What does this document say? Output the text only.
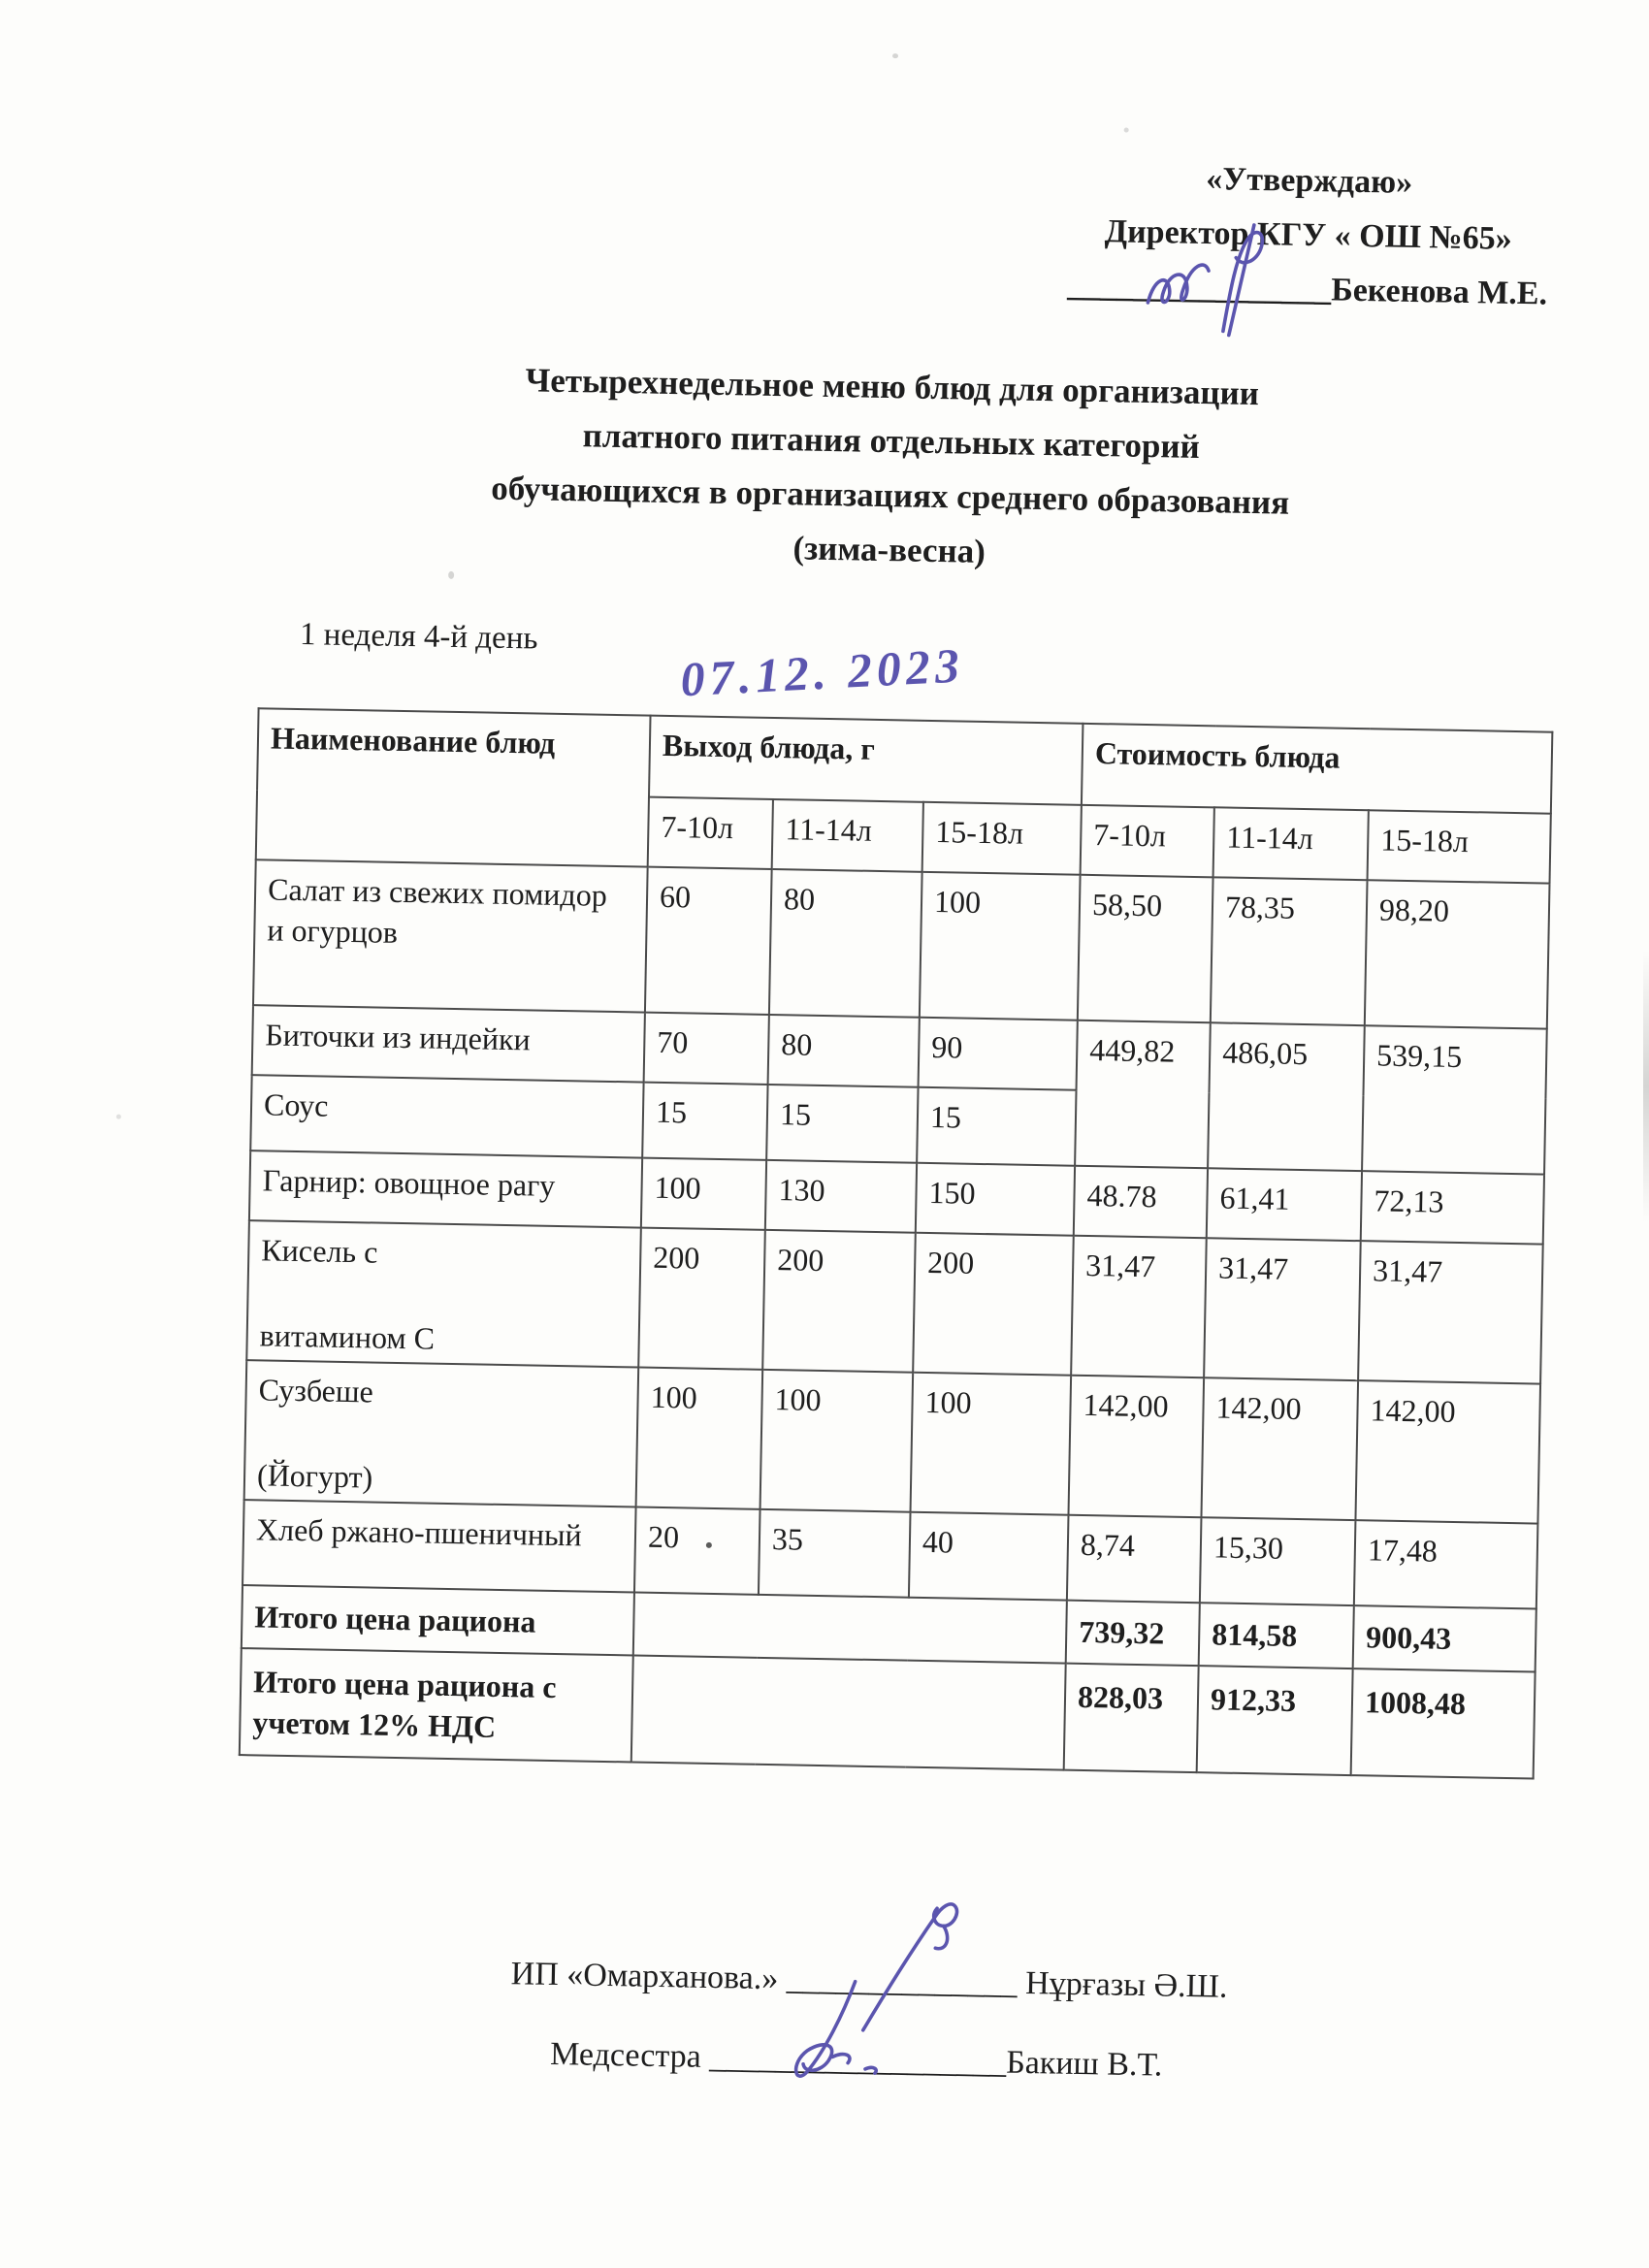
«Утверждаю»
Директор КГУ « ОШ №65»
________________Бекенова М.Е.
Четырехнедельное меню блюд для организации
платного питания отдельных категорий
обучающихся в организациях среднего образования
(зима-весна)
1 неделя 4-й день
07.12. 2023
Наименование блюд	Выход блюда, г			Стоимость блюда		
	7-10л	11-14л	15-18л	7-10л	11-14л	15-18л

Салат из свежих помидор
и огурцов	60	80	100	58,50	78,35	98,20
Биточки из индейки	70	80	90	449,82	486,05	539,15
Соус	15	15	15			
Гарнир: овощное рагу	100	130	150	48.78	61,41	72,13

Кисель с
витамином С	200	200	200	31,47	31,47	31,47

Сузбеше
(Йогурт)	100	100	100	142,00	142,00	142,00
Хлеб ржано-пшеничный	20	35	40	8,74	15,30	17,48
Итого цена рациона				739,32	814,58	900,43

Итого цена рациона с
учетом 12% НДС				828,03	912,33	1008,48
ИП «Омарханова.» ______________ Нұрғазы Ә.Ш.
Медсестра __________________Бакиш В.Т.
